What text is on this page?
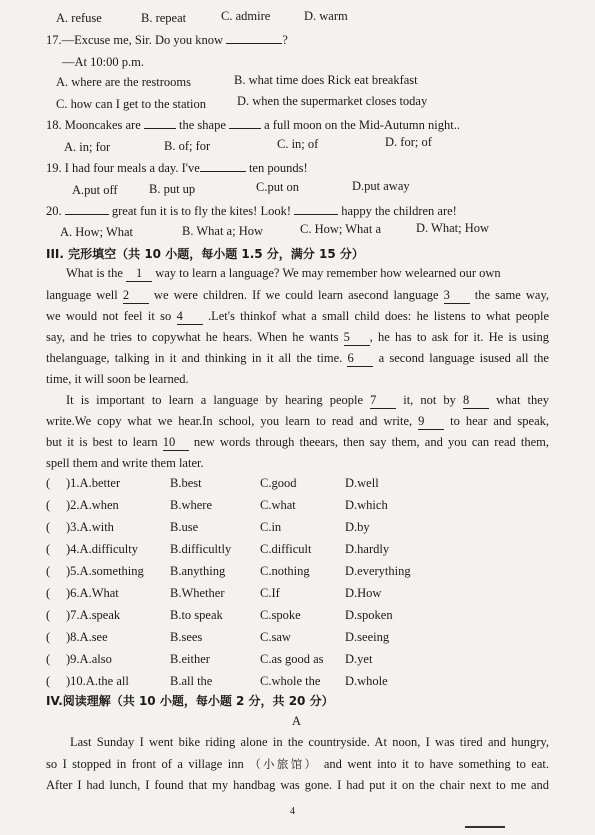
A. refuse	B. repeat	C. admire	D. warm
17.—Excuse me, Sir. Do you know	?
—At 10:00 p.m.
A. where are the restrooms	B. what time does Rick eat breakfast
C. how can I get to the station D. when the supermarket closes today
18. Mooncakes are	the shape	a full moon on the Mid-Autumn night..
A. in; for	B. of; for	C. in; of	D. for; of
19. I had four meals a day. I've	ten pounds!
A.put off	B. put up	C.put on	D.put away
20.	great fun it is to fly the kites! Look!	happy the children are!
A. How; What	B. What a; How	C. How; What a	D. What; How
III. 完形填空（共 10 小题，每小题 1.5 分，满分 15 分）
What is the 1 way to learn a language? We may remember how welearned our own
language well 2 we were children. If we could learn asecond language 3 the same way,
we would not feel it so 4 .Let's thinkof what a small child does: he listens to what people
say, and he tries to copywhat he hears. When he wants 5 , he has to ask for it. He is using
thelanguage, talking in it and thinking in it all the time. 6 a second language isused all the
time, it will soon be learned.
It is important to learn a language by hearing people 7 it, not by 8 what they
write.We copy what we hear.In school, you learn to read and write, 9 to hear and speak,
but it is best to learn 10 new words through theears, then say them, and you can read them,
spell them and write them later.
( )1.A.better	B.best	C.good	D.well
( )2.A.when	B.where	C.what	D.which
( )3.A.with	B.use	C.in	D.by
( )4.A.difficulty	B.difficultly C.difficult	D.hardly
( )5.A.something B.anything	C.nothing	D.everything
( )6.A.What	B.Whether	C.If	D.How
( )7.A.speak	B.to speak	C.spoke	D.spoken
( )8.A.see	B.sees	C.saw	D.seeing
( )9.A.also	B.either	C.as good as D.yet
( )10.A.the all	B.all the	C.whole the D.whole
IV.阅读理解（共 10 小题，每小题 2 分，共 20 分）
A
Last Sunday I went bike riding alone in the countryside. At noon, I was tired and hungry,
so I stopped in front of a village inn （小旅馆） and went into it to have something to eat.
After I had lunch, I found that my handbag was gone. I had put it on the chair next to me and
4
